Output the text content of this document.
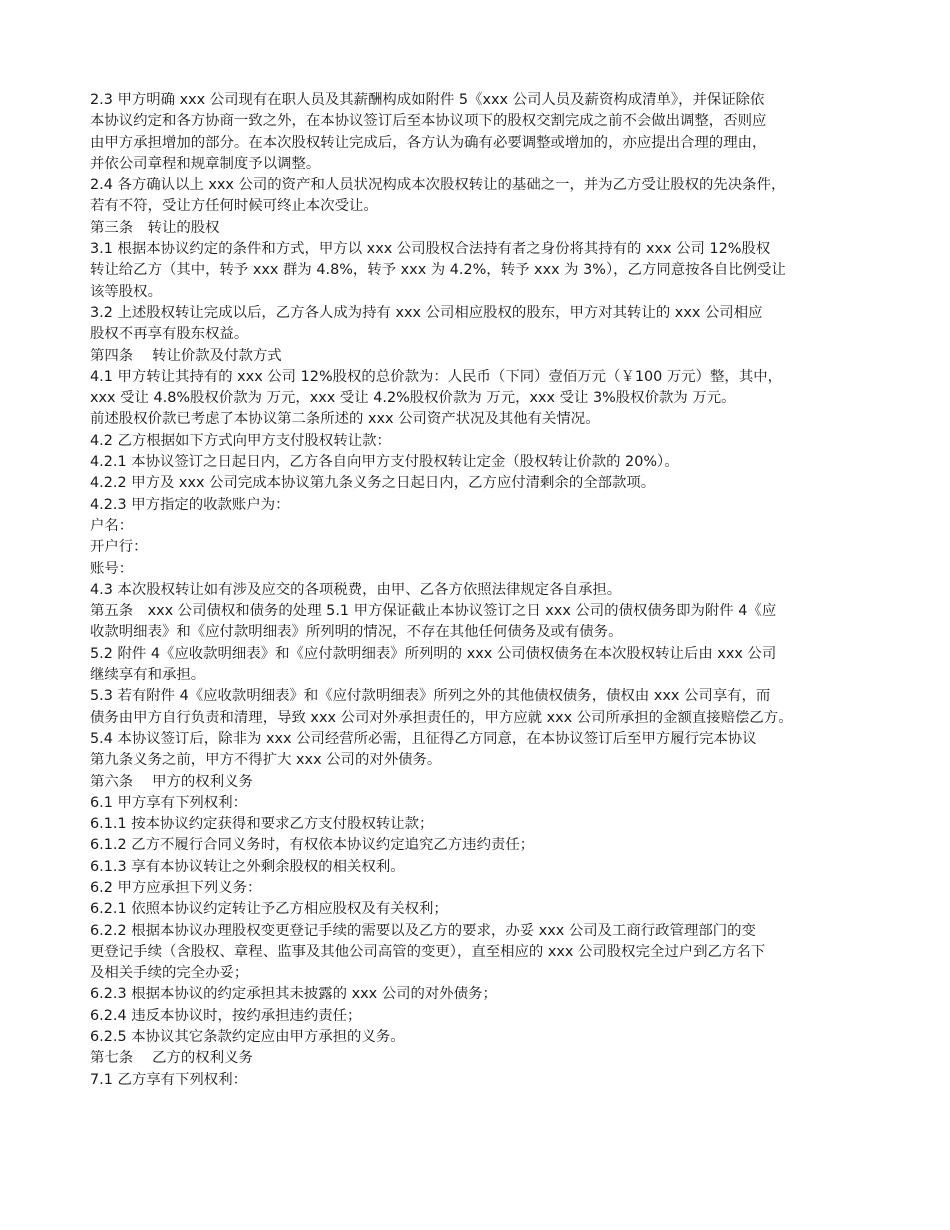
2.3 甲方明确 xxx 公司现有在职人员及其薪酬构成如附件 5《xxx 公司人员及薪资构成清单》，并保证除依
本协议约定和各方协商一致之外，在本协议签订后至本协议项下的股权交割完成之前不会做出调整，否则应
由甲方承担增加的部分。在本次股权转让完成后，各方认为确有必要调整或增加的，亦应提出合理的理由，
并依公司章程和规章制度予以调整。
2.4 各方确认以上 xxx 公司的资产和人员状况构成本次股权转让的基础之一，并为乙方受让股权的先决条件，
若有不符，受让方任何时候可终止本次受让。
第三条　转让的股权
3.1 根据本协议约定的条件和方式，甲方以 xxx 公司股权合法持有者之身份将其持有的 xxx 公司 12%股权
转让给乙方（其中，转予 xxx 群为 4.8%，转予 xxx 为 4.2%，转予 xxx 为 3%），乙方同意按各自比例受让
该等股权。
3.2 上述股权转让完成以后，乙方各人成为持有 xxx 公司相应股权的股东，甲方对其转让的 xxx 公司相应
股权不再享有股东权益。
第四条　 转让价款及付款方式
4.1 甲方转让其持有的 xxx 公司 12%股权的总价款为：人民币（下同）壹佰万元（￥100 万元）整，其中，
xxx 受让 4.8%股权价款为 万元，xxx 受让 4.2%股权价款为 万元，xxx 受让 3%股权价款为 万元。
前述股权价款已考虑了本协议第二条所述的 xxx 公司资产状况及其他有关情况。
4.2 乙方根据如下方式向甲方支付股权转让款：
4.2.1 本协议签订之日起日内，乙方各自向甲方支付股权转让定金（股权转让价款的 20%）。
4.2.2 甲方及 xxx 公司完成本协议第九条义务之日起日内，乙方应付清剩余的全部款项。
4.2.3 甲方指定的收款账户为：
户名：
开户行：
账号：
4.3 本次股权转让如有涉及应交的各项税费，由甲、乙各方依照法律规定各自承担。
第五条　xxx 公司债权和债务的处理 5.1 甲方保证截止本协议签订之日 xxx 公司的债权债务即为附件 4《应
收款明细表》和《应付款明细表》所列明的情况，不存在其他任何债务及或有债务。
5.2 附件 4《应收款明细表》和《应付款明细表》所列明的 xxx 公司债权债务在本次股权转让后由 xxx 公司
继续享有和承担。
5.3 若有附件 4《应收款明细表》和《应付款明细表》所列之外的其他债权债务，债权由 xxx 公司享有，而
债务由甲方自行负责和清理，导致 xxx 公司对外承担责任的，甲方应就 xxx 公司所承担的金额直接赔偿乙方。
5.4 本协议签订后，除非为 xxx 公司经营所必需，且征得乙方同意，在本协议签订后至甲方履行完本协议
第九条义务之前，甲方不得扩大 xxx 公司的对外债务。
第六条　 甲方的权利义务
6.1 甲方享有下列权利：
6.1.1 按本协议约定获得和要求乙方支付股权转让款；
6.1.2 乙方不履行合同义务时，有权依本协议约定追究乙方违约责任；
6.1.3 享有本协议转让之外剩余股权的相关权利。
6.2 甲方应承担下列义务：
6.2.1 依照本协议约定转让予乙方相应股权及有关权利；
6.2.2 根据本协议办理股权变更登记手续的需要以及乙方的要求，办妥 xxx 公司及工商行政管理部门的变
更登记手续（含股权、章程、监事及其他公司高管的变更），直至相应的 xxx 公司股权完全过户到乙方名下
及相关手续的完全办妥；
6.2.3 根据本协议的约定承担其未披露的 xxx 公司的对外债务；
6.2.4 违反本协议时，按约承担违约责任；
6.2.5 本协议其它条款约定应由甲方承担的义务。
第七条　 乙方的权利义务
7.1 乙方享有下列权利：
